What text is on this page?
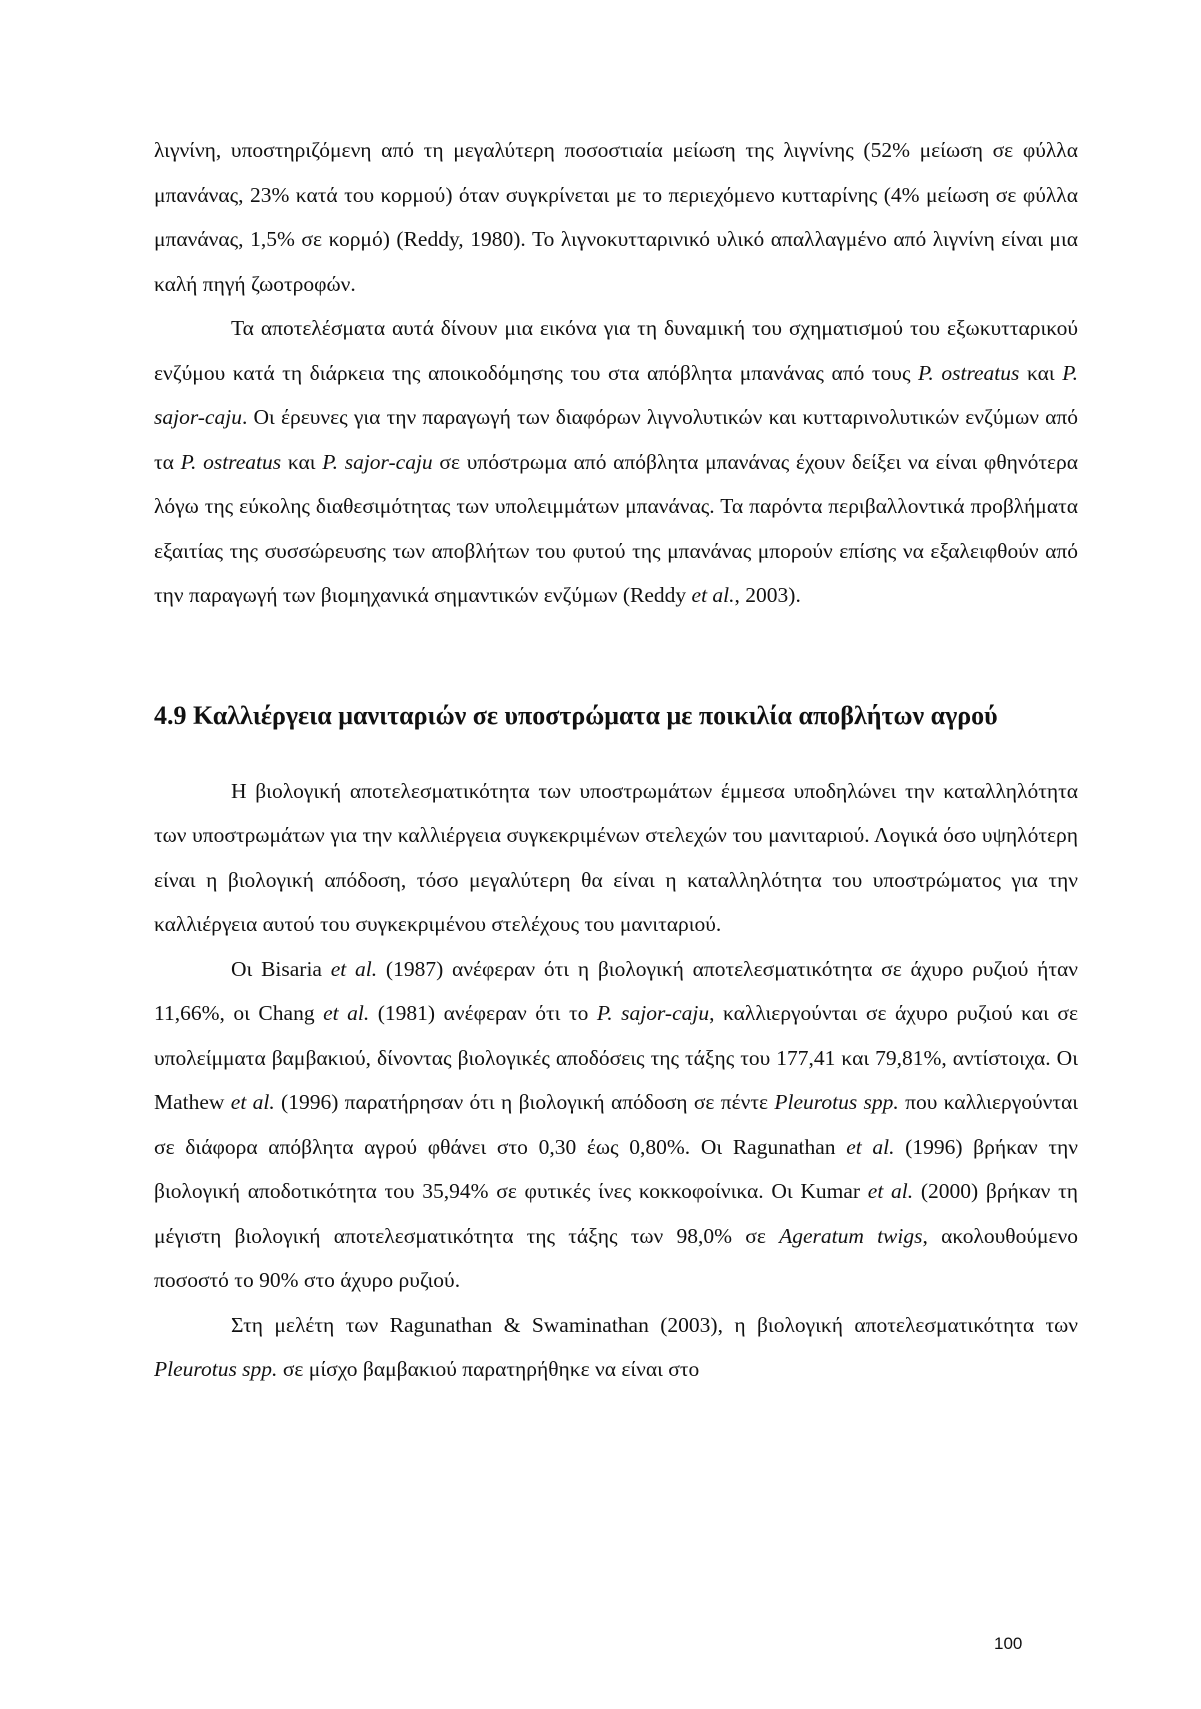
λιγνίνη, υποστηριζόμενη από τη μεγαλύτερη ποσοστιαία μείωση της λιγνίνης (52% μείωση σε φύλλα μπανάνας, 23% κατά του κορμού) όταν συγκρίνεται με το περιεχόμενο κυτταρίνης (4% μείωση σε φύλλα μπανάνας, 1,5% σε κορμό) (Reddy, 1980). Το λιγνοκυτταρινικό υλικό απαλλαγμένο από λιγνίνη είναι μια καλή πηγή ζωοτροφών.

Τα αποτελέσματα αυτά δίνουν μια εικόνα για τη δυναμική του σχηματισμού του εξωκυτταρικού ενζύμου κατά τη διάρκεια της αποικοδόμησης του στα απόβλητα μπανάνας από τους P. ostreatus και P. sajor-caju. Οι έρευνες για την παραγωγή των διαφόρων λιγνολυτικών και κυτταρινολυτικών ενζύμων από τα P. ostreatus και P. sajor-caju σε υπόστρωμα από απόβλητα μπανάνας έχουν δείξει να είναι φθηνότερα λόγω της εύκολης διαθεσιμότητας των υπολειμμάτων μπανάνας. Τα παρόντα περιβαλλοντικά προβλήματα εξαιτίας της συσσώρευσης των αποβλήτων του φυτού της μπανάνας μπορούν επίσης να εξαλειφθούν από την παραγωγή των βιομηχανικά σημαντικών ενζύμων (Reddy et al., 2003).

4.9 Καλλιέργεια μανιταριών σε υποστρώματα με ποικιλία αποβλήτων αγρού

Η βιολογική αποτελεσματικότητα των υποστρωμάτων έμμεσα υποδηλώνει την καταλληλότητα των υποστρωμάτων για την καλλιέργεια συγκεκριμένων στελεχών του μανιταριού. Λογικά όσο υψηλότερη είναι η βιολογική απόδοση, τόσο μεγαλύτερη θα είναι η καταλληλότητα του υποστρώματος για την καλλιέργεια αυτού του συγκεκριμένου στελέχους του μανιταριού.

Οι Bisaria et al. (1987) ανέφεραν ότι η βιολογική αποτελεσματικότητα σε άχυρο ρυζιού ήταν 11,66%, οι Chang et al. (1981) ανέφεραν ότι το P. sajor-caju, καλλιεργούνται σε άχυρο ρυζιού και σε υπολείμματα βαμβακιού, δίνοντας βιολογικές αποδόσεις της τάξης του 177,41 και 79,81%, αντίστοιχα. Οι Mathew et al. (1996) παρατήρησαν ότι η βιολογική απόδοση σε πέντε Pleurotus spp. που καλλιεργούνται σε διάφορα απόβλητα αγρού φθάνει στο 0,30 έως 0,80%. Οι Ragunathan et al. (1996) βρήκαν την βιολογική αποδοτικότητα του 35,94% σε φυτικές ίνες κοκκοφοίνικα. Οι Kumar et al. (2000) βρήκαν τη μέγιστη βιολογική αποτελεσματικότητα της τάξης των 98,0% σε Ageratum twigs, ακολουθούμενο ποσοστό το 90% στο άχυρο ρυζιού.

Στη μελέτη των Ragunathan & Swaminathan (2003), η βιολογική αποτελεσματικότητα των Pleurotus spp. σε μίσχο βαμβακιού παρατηρήθηκε να είναι στο

100
